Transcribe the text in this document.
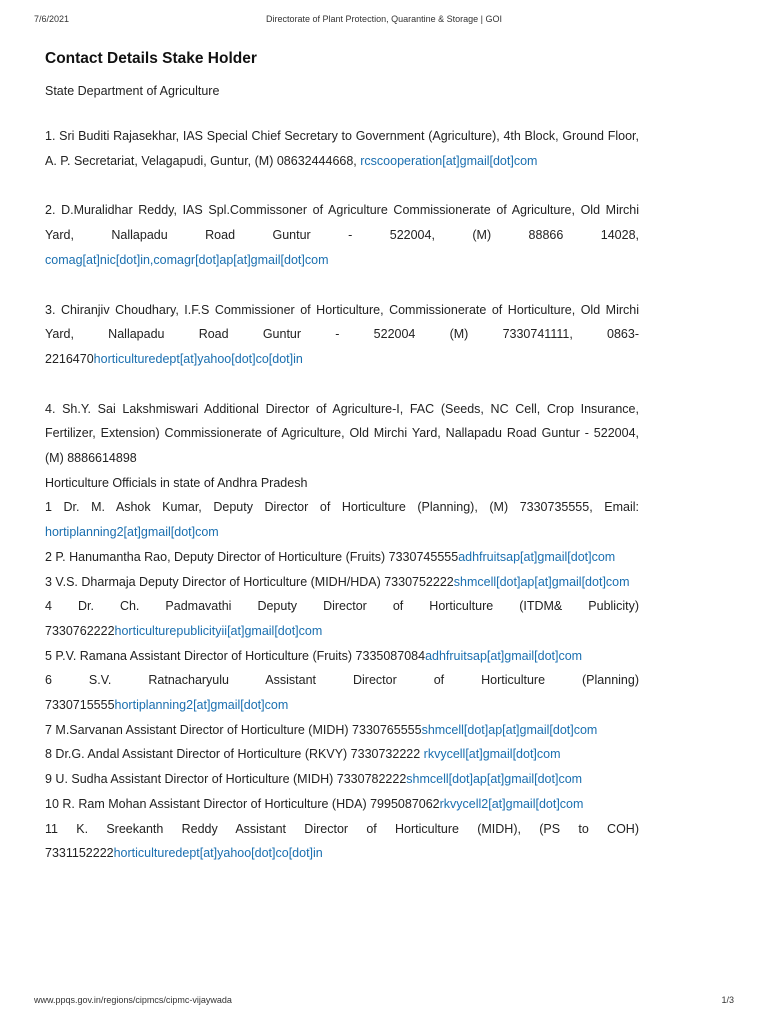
7/6/2021	Directorate of Plant Protection, Quarantine & Storage | GOI
Contact Details Stake Holder
State Department of Agriculture
1. Sri Buditi Rajasekhar, IAS Special Chief Secretary to Government (Agriculture), 4th Block, Ground Floor, A. P. Secretariat, Velagapudi, Guntur, (M) 08632444668, rcscooperation[at]gmail[dot]com
2. D.Muralidhar Reddy, IAS Spl.Commissoner of Agriculture Commissionerate of Agriculture, Old Mirchi Yard, Nallapadu Road Guntur - 522004, (M) 88866 14028, comag[at]nic[dot]in,comagr[dot]ap[at]gmail[dot]com
3. Chiranjiv Choudhary, I.F.S Commissioner of Horticulture, Commissionerate of Horticulture, Old Mirchi Yard, Nallapadu Road Guntur - 522004 (M) 7330741111, 0863-2216470horticulturedept[at]yahoo[dot]co[dot]in
4. Sh.Y. Sai Lakshmiswari Additional Director of Agriculture-I, FAC (Seeds, NC Cell, Crop Insurance, Fertilizer, Extension) Commissionerate of Agriculture, Old Mirchi Yard, Nallapadu Road Guntur - 522004, (M) 8886614898
Horticulture Officials in state of Andhra Pradesh
1 Dr. M. Ashok Kumar, Deputy Director of Horticulture (Planning), (M) 7330735555, Email: hortiplanning2[at]gmail[dot]com
2 P. Hanumantha Rao, Deputy Director of Horticulture (Fruits) 7330745555adhfruitsap[at]gmail[dot]com
3 V.S. Dharmaja Deputy Director of Horticulture (MIDH/HDA) 7330752222shmcell[dot]ap[at]gmail[dot]com
4 Dr. Ch. Padmavathi Deputy Director of Horticulture (ITDM& Publicity) 7330762222horticulturepublicityii[at]gmail[dot]com
5 P.V. Ramana Assistant Director of Horticulture (Fruits) 7335087084adhfruitsap[at]gmail[dot]com
6 S.V. Ratnacharyulu Assistant Director of Horticulture (Planning) 7330715555hortiplanning2[at]gmail[dot]com
7 M.Sarvanan Assistant Director of Horticulture (MIDH) 7330765555shmcell[dot]ap[at]gmail[dot]com
8 Dr.G. Andal Assistant Director of Horticulture (RKVY) 7330732222 rkvycell[at]gmail[dot]com
9 U. Sudha Assistant Director of Horticulture (MIDH) 7330782222shmcell[dot]ap[at]gmail[dot]com
10 R. Ram Mohan Assistant Director of Horticulture (HDA) 7995087062rkvycell2[at]gmail[dot]com
11 K. Sreekanth Reddy Assistant Director of Horticulture (MIDH), (PS to COH) 7331152222horticulturedept[at]yahoo[dot]co[dot]in
www.ppqs.gov.in/regions/cipmcs/cipmc-vijaywada	1/3
